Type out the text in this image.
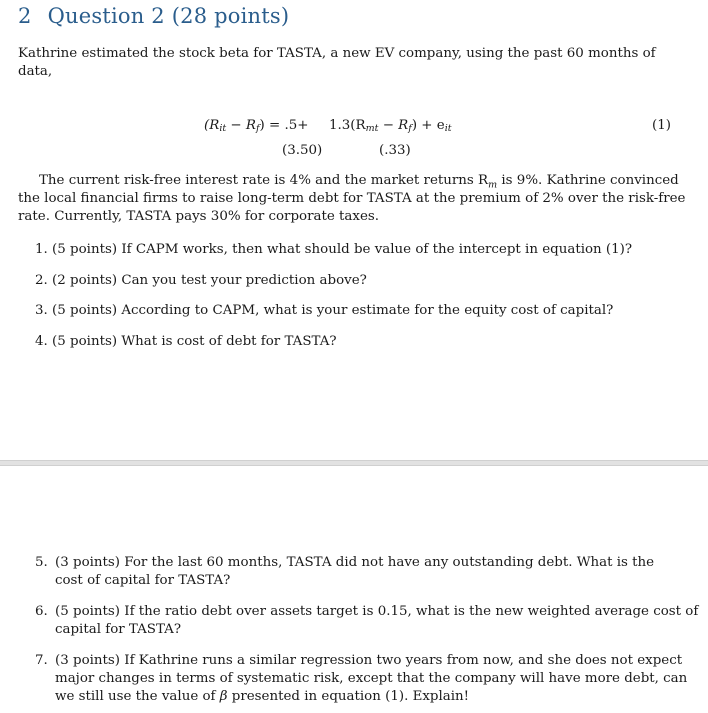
2 Question 2 (28 points)
Kathrine estimated the stock beta for TASTA, a new EV company, using the past 60 months of
data,
$(R_{it} - R_f) = .5+ 1.3(R_{mt} - R_f) + e_{it}$
(3.50)	(.33)
(1)
The current risk-free interest rate is 4% and the market returns $R_m$ is 9%. Kathrine convinced
the local financial firms to raise long-term debt for TASTA at the premium of 2% over the risk-free
rate. Currently, TASTA pays 30% for corporate taxes.
1. (5 points) If CAPM works, then what should be value of the intercept in equation (1)?
2. (2 points) Can you test your prediction above?
3. (5 points) According to CAPM, what is your estimate for the equity cost of capital?
4. (5 points) What is cost of debt for TASTA?
5. (3 points) For the last 60 months, TASTA did not have any outstanding debt. What is the
cost of capital for TASTA?
6. (5 points) If the ratio debt over assets target is 0.15, what is the new weighted average cost of
capital for TASTA?
7. (3 points) If Kathrine runs a similar regression two years from now, and she does not expect
major changes in terms of systematic risk, except that the company will have more debt, can
we still use the value of β presented in equation (1). Explain!
